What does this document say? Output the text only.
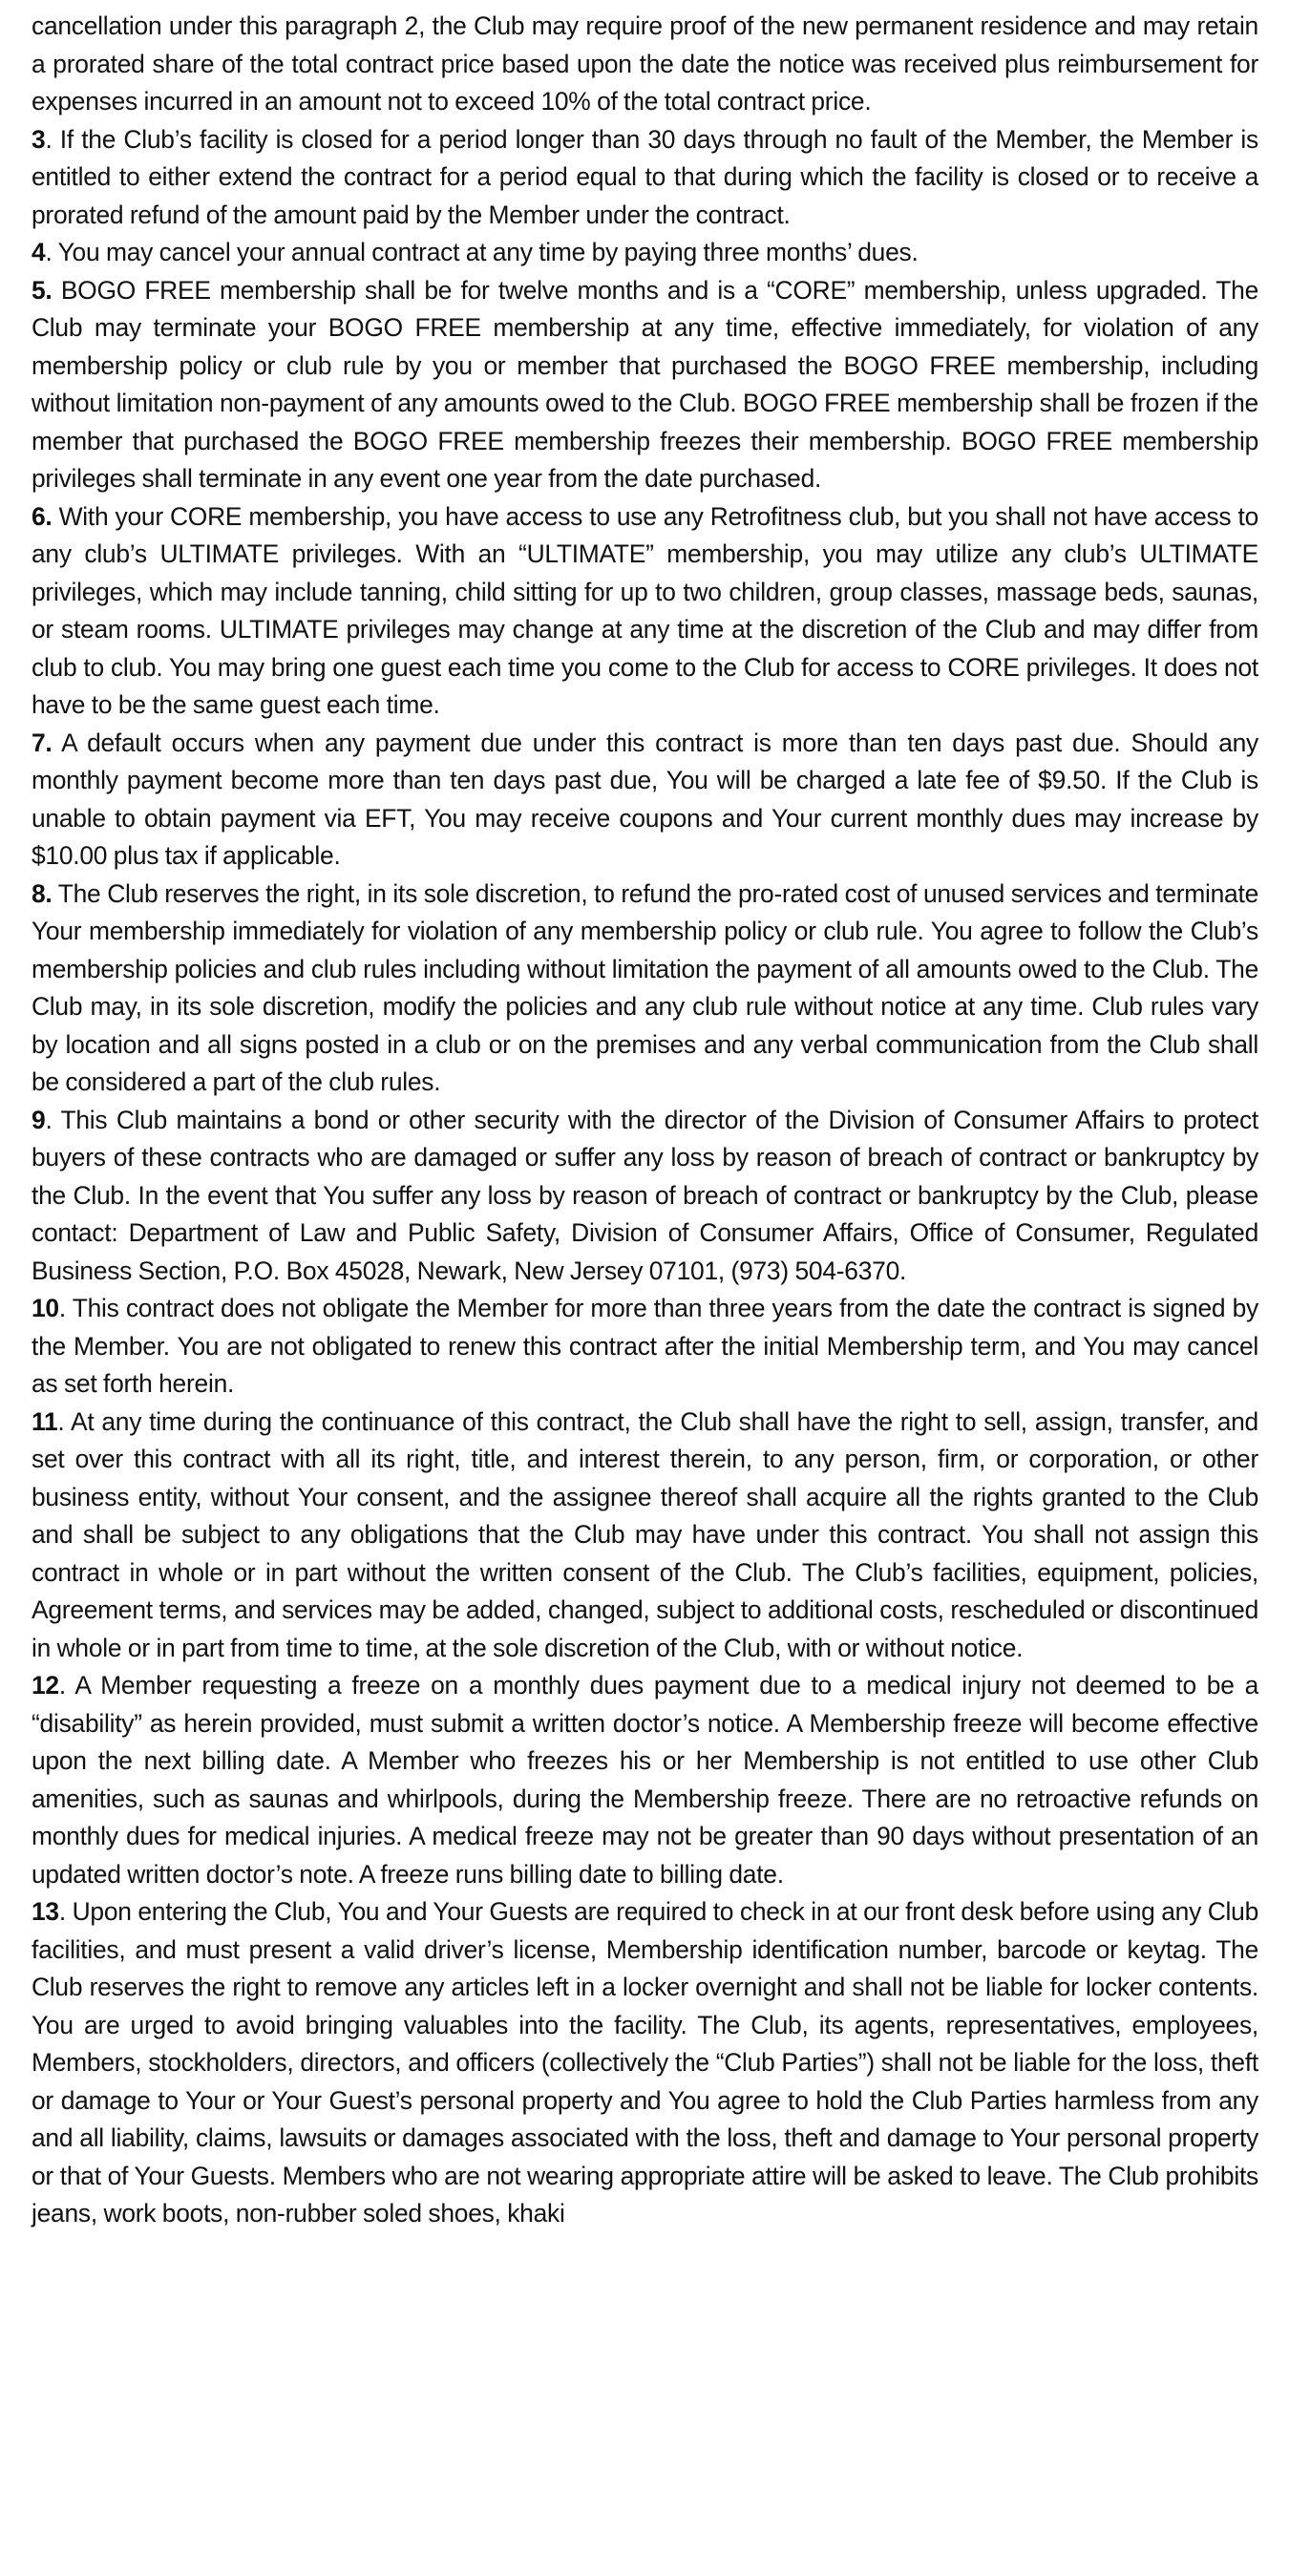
cancellation under this paragraph 2, the Club may require proof of the new permanent residence and may retain a prorated share of the total contract price based upon the date the notice was received plus reimbursement for expenses incurred in an amount not to exceed 10% of the total contract price.

3. If the Club’s facility is closed for a period longer than 30 days through no fault of the Member, the Member is entitled to either extend the contract for a period equal to that during which the facility is closed or to receive a prorated refund of the amount paid by the Member under the contract.

4. You may cancel your annual contract at any time by paying three months’ dues.

5. BOGO FREE membership shall be for twelve months and is a “CORE” membership, unless upgraded. The Club may terminate your BOGO FREE membership at any time, effective immediately, for violation of any membership policy or club rule by you or member that purchased the BOGO FREE membership, including without limitation non-payment of any amounts owed to the Club. BOGO FREE membership shall be frozen if the member that purchased the BOGO FREE membership freezes their membership. BOGO FREE membership privileges shall terminate in any event one year from the date purchased.

6. With your CORE membership, you have access to use any Retrofitness club, but you shall not have access to any club’s ULTIMATE privileges. With an “ULTIMATE” membership, you may utilize any club’s ULTIMATE privileges, which may include tanning, child sitting for up to two children, group classes, massage beds, saunas, or steam rooms. ULTIMATE privileges may change at any time at the discretion of the Club and may differ from club to club. You may bring one guest each time you come to the Club for access to CORE privileges. It does not have to be the same guest each time.

7. A default occurs when any payment due under this contract is more than ten days past due. Should any monthly payment become more than ten days past due, You will be charged a late fee of $9.50. If the Club is unable to obtain payment via EFT, You may receive coupons and Your current monthly dues may increase by $10.00 plus tax if applicable.

8. The Club reserves the right, in its sole discretion, to refund the pro-rated cost of unused services and terminate Your membership immediately for violation of any membership policy or club rule. You agree to follow the Club’s membership policies and club rules including without limitation the payment of all amounts owed to the Club. The Club may, in its sole discretion, modify the policies and any club rule without notice at any time. Club rules vary by location and all signs posted in a club or on the premises and any verbal communication from the Club shall be considered a part of the club rules.

9. This Club maintains a bond or other security with the director of the Division of Consumer Affairs to protect buyers of these contracts who are damaged or suffer any loss by reason of breach of contract or bankruptcy by the Club. In the event that You suffer any loss by reason of breach of contract or bankruptcy by the Club, please contact: Department of Law and Public Safety, Division of Consumer Affairs, Office of Consumer, Regulated Business Section, P.O. Box 45028, Newark, New Jersey 07101, (973) 504-6370.

10. This contract does not obligate the Member for more than three years from the date the contract is signed by the Member. You are not obligated to renew this contract after the initial Membership term, and You may cancel as set forth herein.

11. At any time during the continuance of this contract, the Club shall have the right to sell, assign, transfer, and set over this contract with all its right, title, and interest therein, to any person, firm, or corporation, or other business entity, without Your consent, and the assignee thereof shall acquire all the rights granted to the Club and shall be subject to any obligations that the Club may have under this contract. You shall not assign this contract in whole or in part without the written consent of the Club. The Club’s facilities, equipment, policies, Agreement terms, and services may be added, changed, subject to additional costs, rescheduled or discontinued in whole or in part from time to time, at the sole discretion of the Club, with or without notice.

12. A Member requesting a freeze on a monthly dues payment due to a medical injury not deemed to be a “disability” as herein provided, must submit a written doctor’s notice. A Membership freeze will become effective upon the next billing date. A Member who freezes his or her Membership is not entitled to use other Club amenities, such as saunas and whirlpools, during the Membership freeze. There are no retroactive refunds on monthly dues for medical injuries. A medical freeze may not be greater than 90 days without presentation of an updated written doctor’s note. A freeze runs billing date to billing date.

13. Upon entering the Club, You and Your Guests are required to check in at our front desk before using any Club facilities, and must present a valid driver’s license, Membership identification number, barcode or keytag. The Club reserves the right to remove any articles left in a locker overnight and shall not be liable for locker contents. You are urged to avoid bringing valuables into the facility. The Club, its agents, representatives, employees, Members, stockholders, directors, and officers (collectively the “Club Parties”) shall not be liable for the loss, theft or damage to Your or Your Guest’s personal property and You agree to hold the Club Parties harmless from any and all liability, claims, lawsuits or damages associated with the loss, theft and damage to Your personal property or that of Your Guests. Members who are not wearing appropriate attire will be asked to leave. The Club prohibits jeans, work boots, non-rubber soled shoes, khaki
